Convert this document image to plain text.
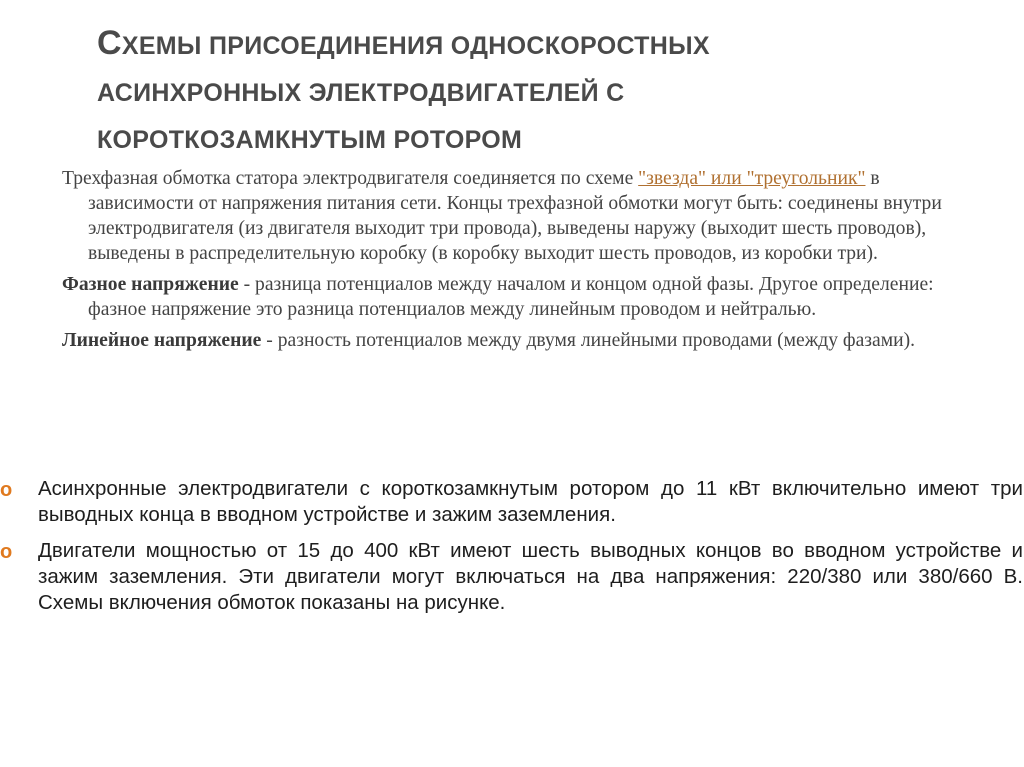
СХЕМЫ ПРИСОЕДИНЕНИЯ ОДНОСКОРОСТНЫХ
АСИНХРОННЫХ ЭЛЕКТРОДВИГАТЕЛЕЙ С
КОРОТКОЗАМКНУТЫМ РОТОРОМ

Трехфазная обмотка статора электродвигателя соединяется по схеме "звезда" или "треугольник" в зависимости от напряжения питания сети. Концы трехфазной обмотки могут быть: соединены внутри электродвигателя (из двигателя выходит три провода), выведены наружу (выходит шесть проводов), выведены в распределительную коробку (в коробку выходит шесть проводов, из коробки три).

Фазное напряжение - разница потенциалов между началом и концом одной фазы. Другое определение: фазное напряжение это разница потенциалов между линейным проводом и нейтралью.

Линейное напряжение - разность потенциалов между двумя линейными проводами (между фазами).

o Асинхронные электродвигатели с короткозамкнутым ротором до 11 кВт включительно имеют три выводных конца в вводном устройстве и зажим заземления.
o Двигатели мощностью от 15 до 400 кВт имеют шесть выводных концов во вводном устройстве и зажим заземления. Эти двигатели могут включаться на два напряжения: 220/380 или 380/660 В. Схемы включения обмоток показаны на рисунке.
